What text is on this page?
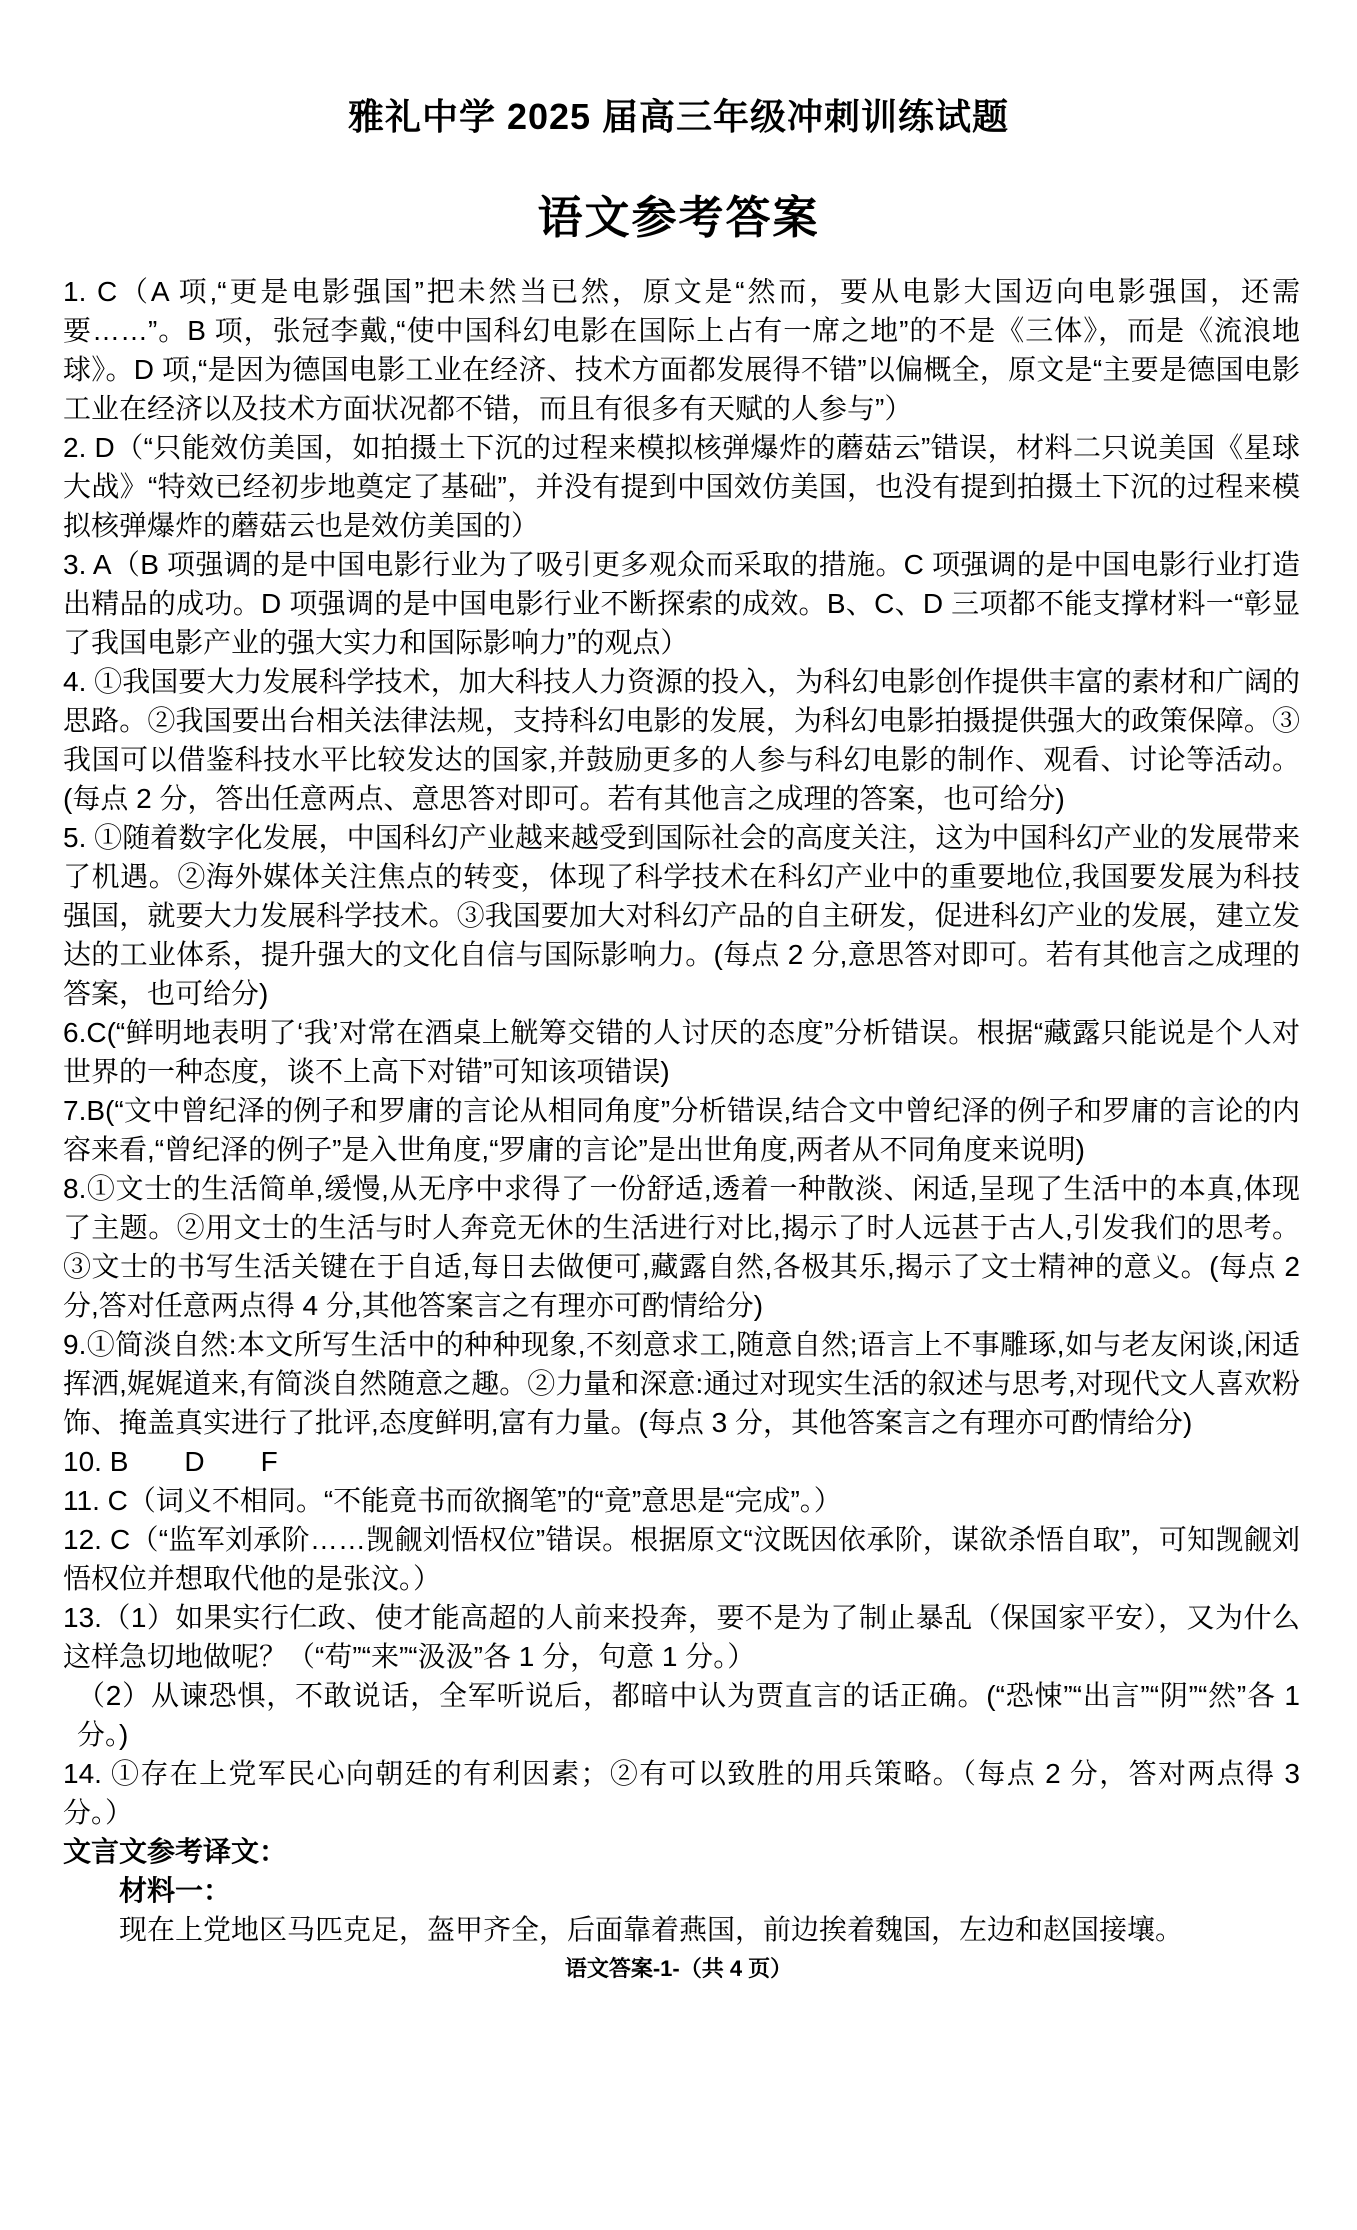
雅礼中学 2025 届高三年级冲刺训练试题
语文参考答案

1. C（A 项,“更是电影强国”把未然当已然，原文是“然而，要从电影大国迈向电影强国，还需要……”。B 项，张冠李戴,“使中国科幻电影在国际上占有一席之地”的不是《三体》，而是《流浪地球》。D 项,“是因为德国电影工业在经济、技术方面都发展得不错”以偏概全，原文是“主要是德国电影工业在经济以及技术方面状况都不错，而且有很多有天赋的人参与”）

2. D（“只能效仿美国，如拍摄土下沉的过程来模拟核弹爆炸的蘑菇云”错误，材料二只说美国《星球大战》“特效已经初步地奠定了基础”，并没有提到中国效仿美国，也没有提到拍摄土下沉的过程来模拟核弹爆炸的蘑菇云也是效仿美国的）

3. A（B 项强调的是中国电影行业为了吸引更多观众而采取的措施。C 项强调的是中国电影行业打造出精品的成功。D 项强调的是中国电影行业不断探索的成效。B、C、D 三项都不能支撑材料一“彰显了我国电影产业的强大实力和国际影响力”的观点）

4. ①我国要大力发展科学技术，加大科技人力资源的投入，为科幻电影创作提供丰富的素材和广阔的思路。②我国要出台相关法律法规，支持科幻电影的发展，为科幻电影拍摄提供强大的政策保障。③我国可以借鉴科技水平比较发达的国家,并鼓励更多的人参与科幻电影的制作、观看、讨论等活动。(每点 2 分，答出任意两点、意思答对即可。若有其他言之成理的答案，也可给分)

5. ①随着数字化发展，中国科幻产业越来越受到国际社会的高度关注，这为中国科幻产业的发展带来了机遇。②海外媒体关注焦点的转变，体现了科学技术在科幻产业中的重要地位,我国要发展为科技强国，就要大力发展科学技术。③我国要加大对科幻产品的自主研发，促进科幻产业的发展，建立发达的工业体系，提升强大的文化自信与国际影响力。(每点 2 分,意思答对即可。若有其他言之成理的答案，也可给分)

6.C(“鲜明地表明了‘我’对常在酒桌上觥筹交错的人讨厌的态度”分析错误。根据“藏露只能说是个人对世界的一种态度，谈不上高下对错”可知该项错误)

7.B(“文中曾纪泽的例子和罗庸的言论从相同角度”分析错误,结合文中曾纪泽的例子和罗庸的言论的内容来看,“曾纪泽的例子”是入世角度,“罗庸的言论”是出世角度,两者从不同角度来说明)

8.①文士的生活简单,缓慢,从无序中求得了一份舒适,透着一种散淡、闲适,呈现了生活中的本真,体现了主题。②用文士的生活与时人奔竞无休的生活进行对比,揭示了时人远甚于古人,引发我们的思考。③文士的书写生活关键在于自适,每日去做便可,藏露自然,各极其乐,揭示了文士精神的意义。(每点 2 分,答对任意两点得 4 分,其他答案言之有理亦可酌情给分)

9.①简淡自然:本文所写生活中的种种现象,不刻意求工,随意自然;语言上不事雕琢,如与老友闲谈,闲适挥洒,娓娓道来,有简淡自然随意之趣。②力量和深意:通过对现实生活的叙述与思考,对现代文人喜欢粉饰、掩盖真实进行了批评,态度鲜明,富有力量。(每点 3 分，其他答案言之有理亦可酌情给分)

10. B　　D　　F

11. C（词义不相同。“不能竟书而欲搁笔”的“竟”意思是“完成”。）

12. C（“监军刘承阶……觊觎刘悟权位”错误。根据原文“汶既因依承阶，谋欲杀悟自取”，可知觊觎刘悟权位并想取代他的是张汶。）

13.（1）如果实行仁政、使才能高超的人前来投奔，要不是为了制止暴乱（保国家平安），又为什么这样急切地做呢？（“苟”“来”“汲汲”各 1 分，句意 1 分。）

（2）从谏恐惧，不敢说话，全军听说后，都暗中认为贾直言的话正确。(“恐悚”“出言”“阴”“然”各 1 分。)

14. ①存在上党军民心向朝廷的有利因素；②有可以致胜的用兵策略。（每点 2 分，答对两点得 3 分。）

文言文参考译文：

材料一：

现在上党地区马匹克足，盔甲齐全，后面靠着燕国，前边挨着魏国，左边和赵国接壤。

语文答案-1-（共 4 页）
